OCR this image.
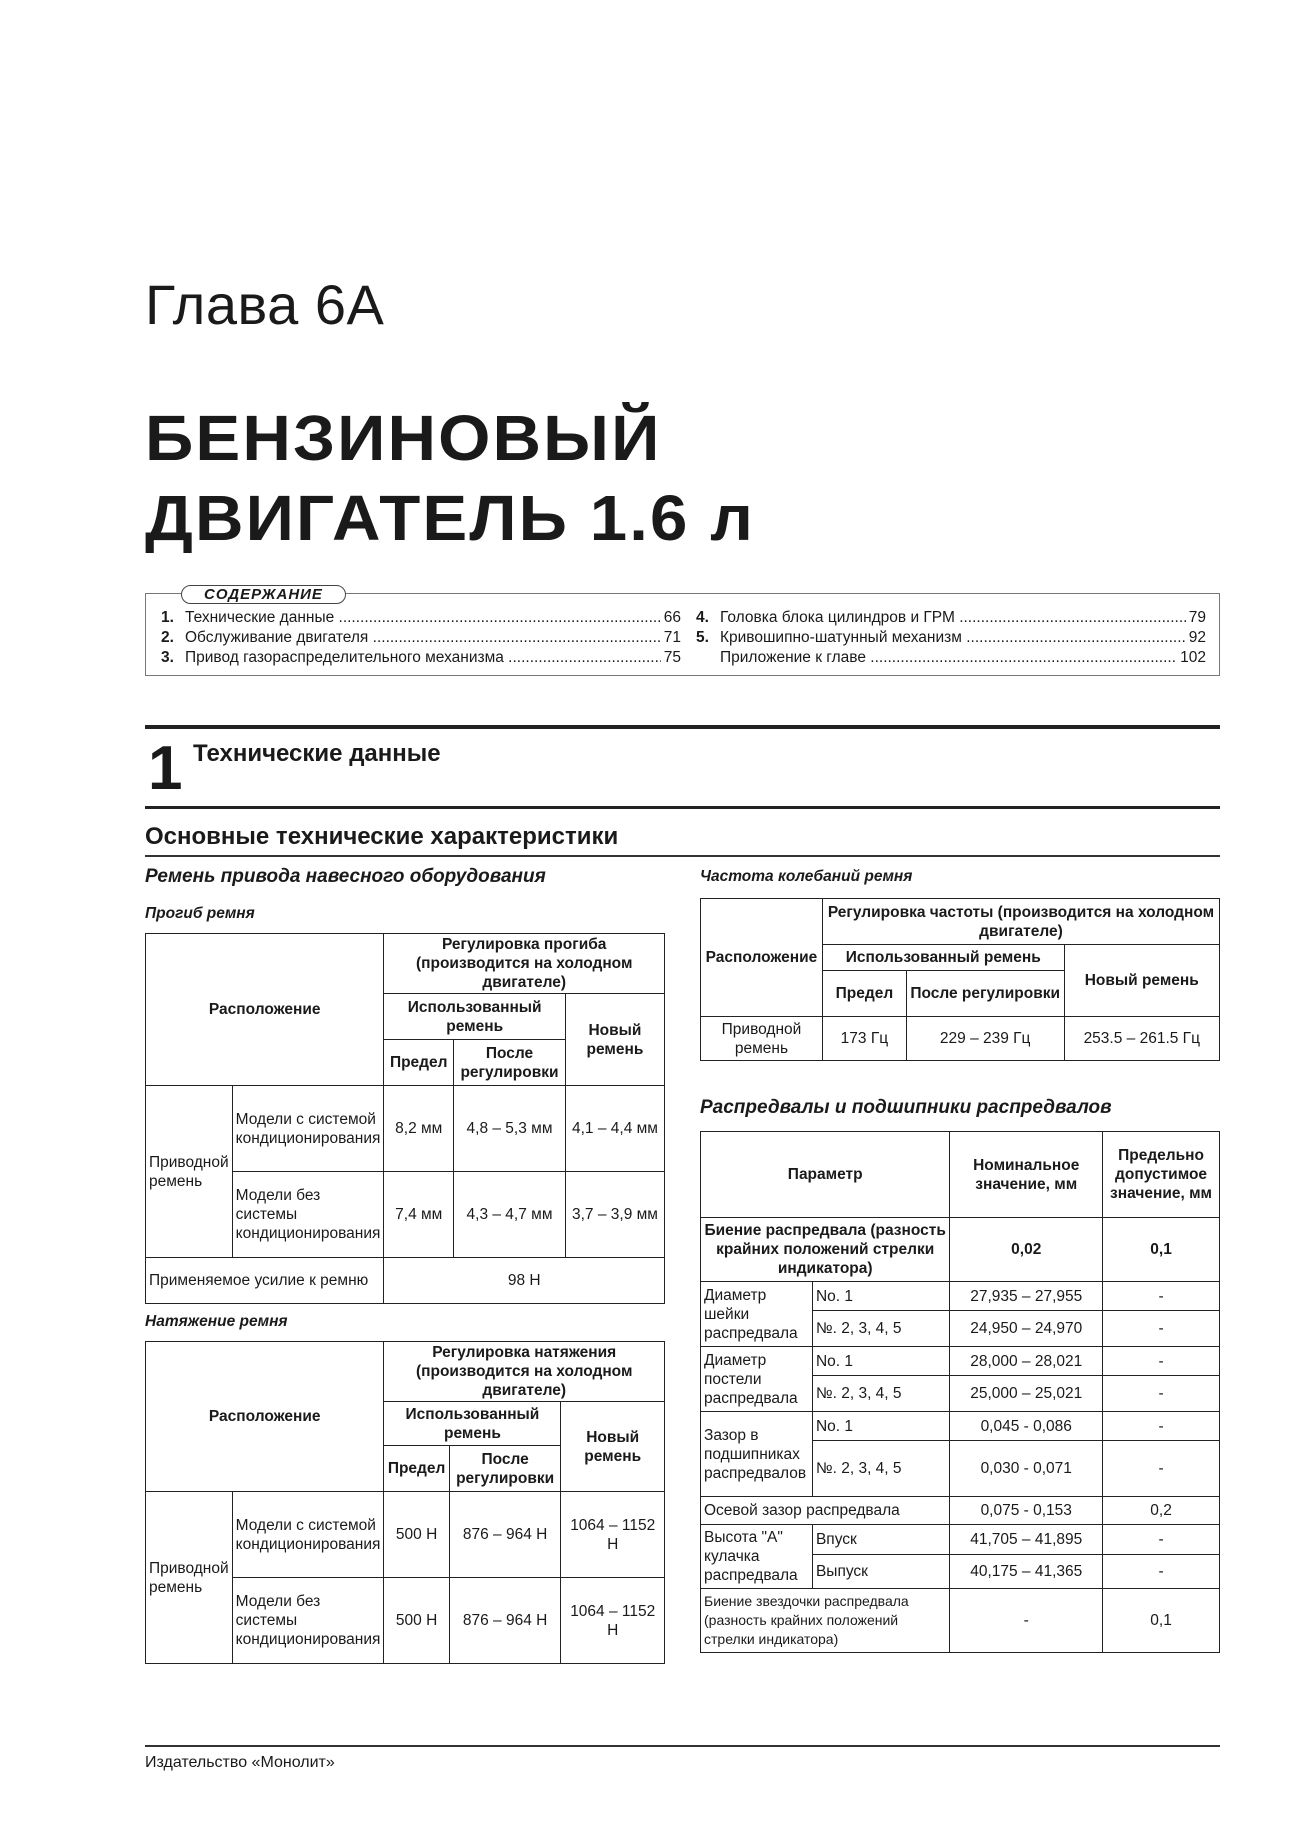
Глава 6А
БЕНЗИНОВЫЙ
ДВИГАТЕЛЬ 1.6 л
СОДЕРЖАНИЕ
1. Технические данные .....	66
2. Обслуживание двигателя .....	71
3. Привод газораспределительного механизма .....	75
4. Головка блока цилиндров и ГРМ .....	79
5. Кривошипно-шатунный механизм .....	92
Приложение к главе .....	102
1 Технические данные
Основные технические характеристики
Ремень привода навесного оборудования
Прогиб ремня
Расположение		Регулировка прогиба (производится на холодном двигателе)		
		Использованный ремень		Новый ремень
		Предел	После регулировки	
Приводной ремень	Модели с системой кондиционирования	8,2 мм	4,8 – 5,3 мм	4,1 – 4,4 мм
	Модели без системы кондиционирования	7,4 мм	4,3 – 4,7 мм	3,7 – 3,9 мм
Применяемое усилие к ремню		98 Н		
Натяжение ремня
Расположение		Регулировка натяжения (производится на холодном двигателе)		
		Использованный ремень		Новый ремень
		Предел	После регулировки	
Приводной ремень	Модели с системой кондиционирования	500 Н	876 – 964 Н	1064 – 1152 Н
	Модели без системы кондиционирования	500 Н	876 – 964 Н	1064 – 1152 Н
Частота колебаний ремня
Расположение	Регулировка частоты (производится на холодном двигателе)		
	Использованный ремень		Новый ремень
	Предел	После регулировки	
Приводной ремень	173 Гц	229 – 239 Гц	253.5 – 261.5 Гц
Распредвалы и подшипники распредвалов
Параметр		Номинальное значение, мм	Предельно допустимое значение, мм
Биение распредвала (разность крайних положений стрелки индикатора)		0,02	0,1
Диаметр шейки распредвала	No. 1	27,935 – 27,955	-
	№. 2, 3, 4, 5	24,950 – 24,970	-
Диаметр постели распредвала	No. 1	28,000 – 28,021	-
	№. 2, 3, 4, 5	25,000 – 25,021	-
Зазор в подшипниках распредвалов	No. 1	0,045 - 0,086	-
	№. 2, 3, 4, 5	0,030 - 0,071	-
Осевой зазор распредвала		0,075 - 0,153	0,2
Высота "А" кулачка распредвала	Впуск	41,705 – 41,895	-
	Выпуск	40,175 – 41,365	-
Биение звездочки распредвала (разность крайних положений стрелки индикатора)		-	0,1
Издательство «Монолит»
